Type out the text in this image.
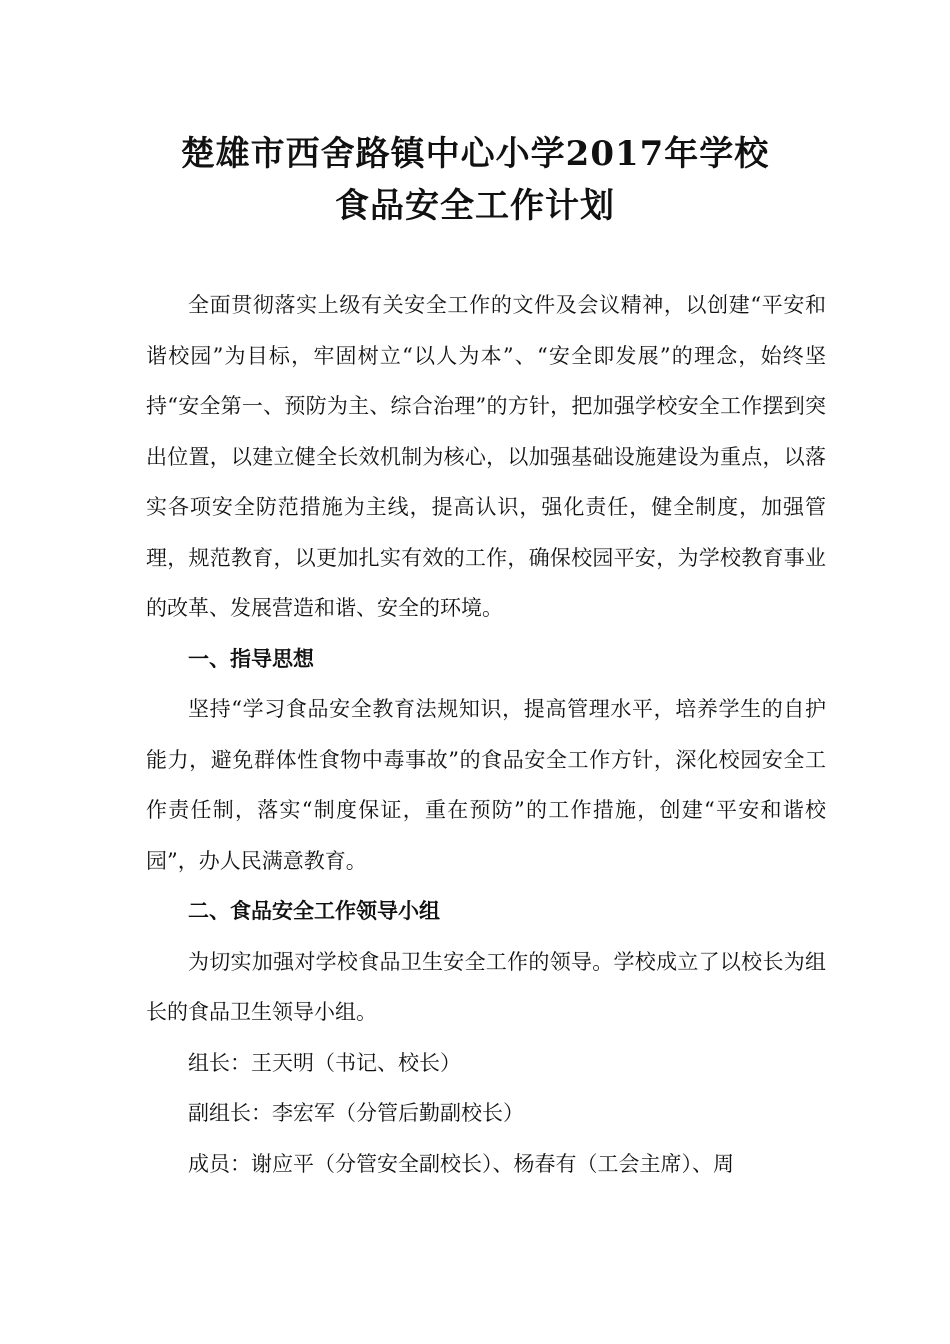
楚雄市西舍路镇中心小学2017年学校
食品安全工作计划

全面贯彻落实上级有关安全工作的文件及会议精神，以创建“平安和谐校园”为目标，牢固树立“以人为本”、“安全即发展”的理念，始终坚持“安全第一、预防为主、综合治理”的方针，把加强学校安全工作摆到突出位置，以建立健全长效机制为核心，以加强基础设施建设为重点，以落实各项安全防范措施为主线，提高认识，强化责任，健全制度，加强管理，规范教育，以更加扎实有效的工作，确保校园平安，为学校教育事业的改革、发展营造和谐、安全的环境。

一、指导思想

坚持“学习食品安全教育法规知识，提高管理水平，培养学生的自护能力，避免群体性食物中毒事故”的食品安全工作方针，深化校园安全工作责任制，落实“制度保证，重在预防”的工作措施，创建“平安和谐校园”，办人民满意教育。

二、食品安全工作领导小组

为切实加强对学校食品卫生安全工作的领导。学校成立了以校长为组长的食品卫生领导小组。

组长：王天明（书记、校长）

副组长：李宏军（分管后勤副校长）

成员：谢应平（分管安全副校长）、杨春有（工会主席）、周
